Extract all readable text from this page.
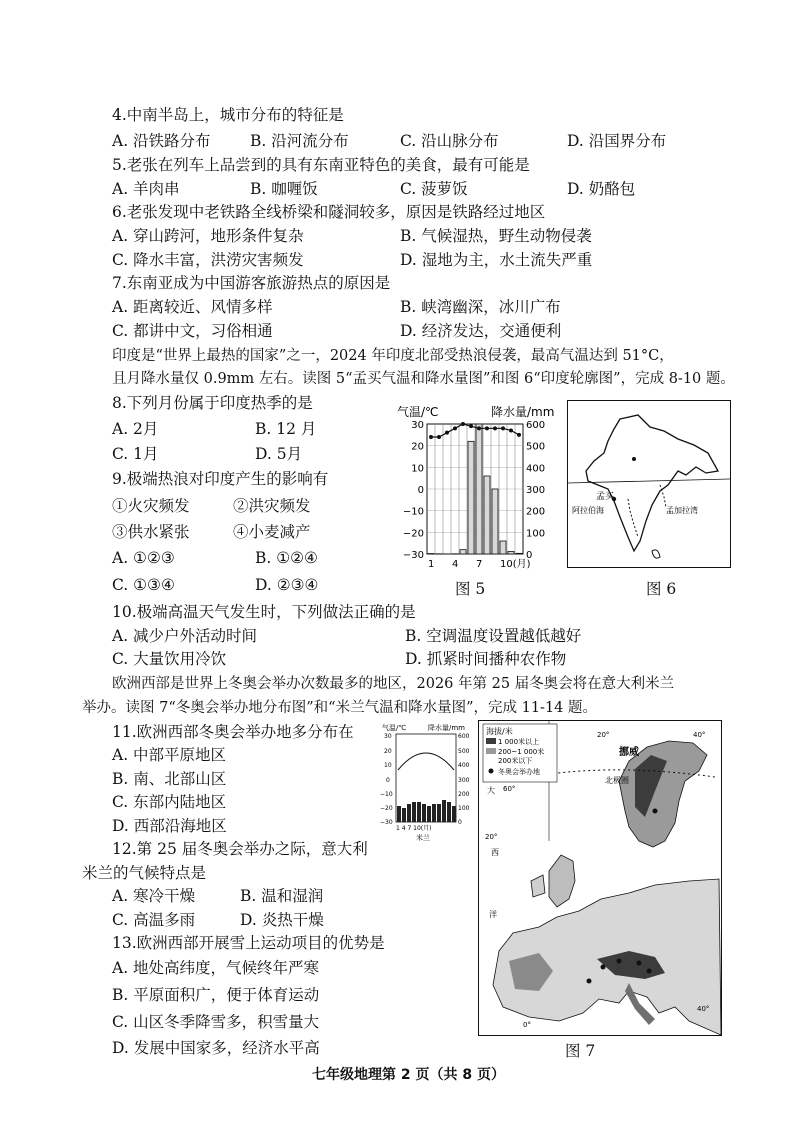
4.中南半岛上，城市分布的特征是
A. 沿铁路分布	B. 沿河流分布	C. 沿山脉分布	D. 沿国界分布
5.老张在列车上品尝到的具有东南亚特色的美食，最有可能是
A. 羊肉串	B. 咖喱饭	C. 菠萝饭	D. 奶酪包
6.老张发现中老铁路全线桥梁和隧洞较多，原因是铁路经过地区
A. 穿山跨河，地形条件复杂	B. 气候湿热，野生动物侵袭
C. 降水丰富，洪涝灾害频发	D. 湿地为主，水土流失严重
7.东南亚成为中国游客旅游热点的原因是
A. 距离较近、风情多样	B. 峡湾幽深，冰川广布
C. 都讲中文，习俗相通	D. 经济发达，交通便利
印度是“世界上最热的国家”之一，2024 年印度北部受热浪侵袭，最高气温达到 51°C，
且月降水量仅 0.9mm 左右。读图 5“孟买气温和降水量图”和图 6“印度轮廓图”，完成 8-10 题。
8.下列月份属于印度热季的是
A. 2月	B. 12 月
C. 1月	D. 5月
9.极端热浪对印度产生的影响有
①火灾频发	②洪灾频发
③供水紧张	④小麦减产
A. ①②③	B. ①②④
C. ①③④	D. ②③④
气温/℃	降水量/mm
30	600
20	500
10	400
0	300
−10	200
−20	100
−30	0
1 4 7 10(月)
图 5
孟买
阿拉伯海	孟加拉湾
图 6
10.极端高温天气发生时，下列做法正确的是
A. 减少户外活动时间	B. 空调温度设置越低越好
C. 大量饮用冷饮	D. 抓紧时间播种农作物
欧洲西部是世界上冬奥会举办次数最多的地区，2026 年第 25 届冬奥会将在意大利米兰
举办。读图 7“冬奥会举办地分布图”和“米兰气温和降水量图”，完成 11-14 题。
11.欧洲西部冬奥会举办地多分布在
A. 中部平原地区
B. 南、北部山区
C. 东部内陆地区
D. 西部沿海地区
12.第 25 届冬奥会举办之际，意大利
米兰的气候特点是
A. 寒冷干燥	B. 温和湿润
C. 高温多雨	D. 炎热干燥
13.欧洲西部开展雪上运动项目的优势是
A. 地处高纬度，气候终年严寒
B. 平原面积广，便于体育运动
C. 山区冬季降雪多，积雪量大
D. 发展中国家多，经济水平高
气温/℃	降水量/mm
30
20
10
0
−10
−20
−30
600
500
400
300
200
100
0
1 4 7 10(月)
米兰
海拔/米
1 000米以上
200~1 000米
200米以下
冬奥会举办地
20°	40°
挪威
北极圈
大 60°
20°
西
洋
0°
40°
图 7
七年级地理第 2 页（共 8 页）
